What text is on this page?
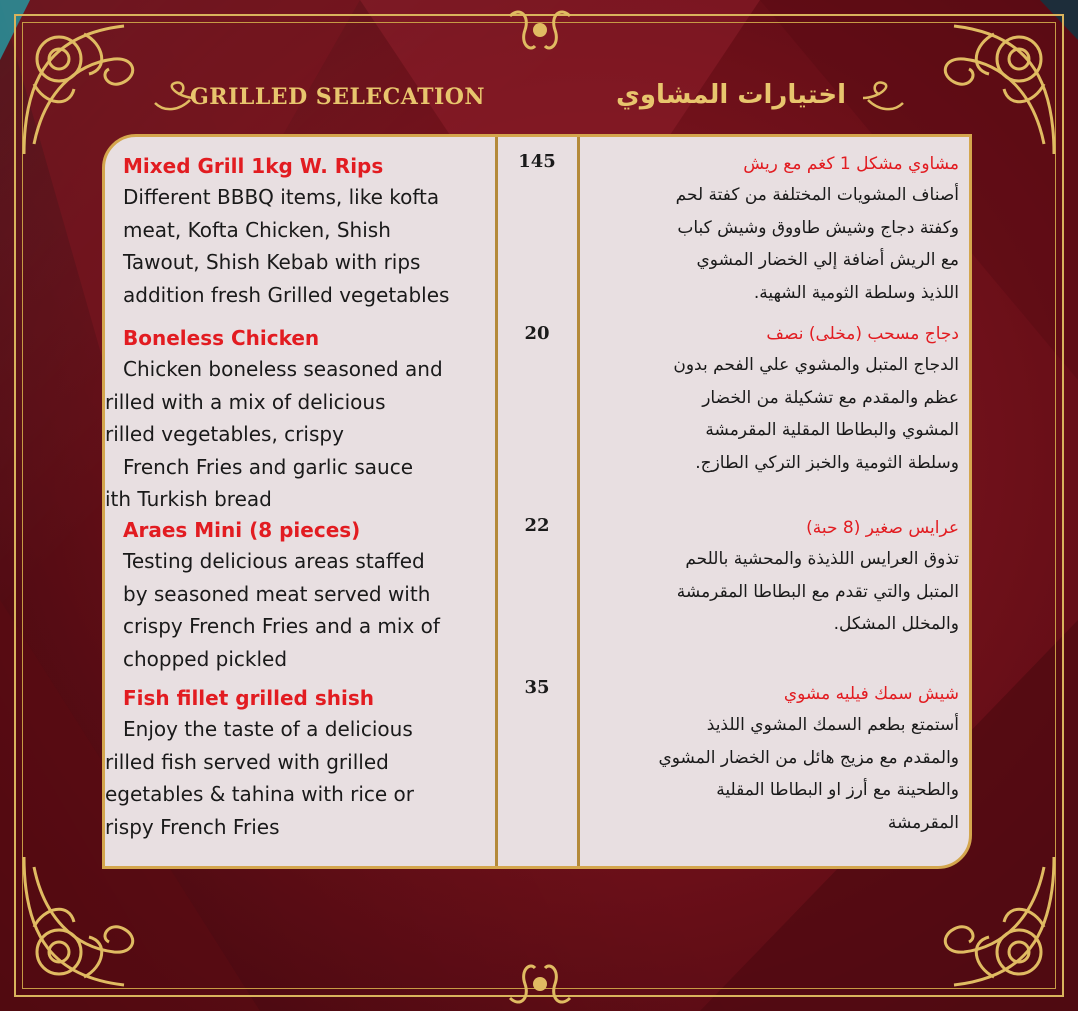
GRILLED SELECATION	اختيارات المشاوي
Mixed Grill 1kg W. Rips
Different BBBQ items, like kofta
meat, Kofta Chicken, Shish
Tawout, Shish Kebab with rips
addition fresh Grilled vegetables
Boneless Chicken
Chicken boneless seasoned and
rilled with a mix of delicious
rilled vegetables, crispy
French Fries and garlic sauce
ith Turkish bread
Araes Mini (8 pieces)
Testing delicious areas staffed
by seasoned meat served with
crispy French Fries and a mix of
chopped pickled
Fish fillet grilled shish
Enjoy the taste of a delicious
rilled fish served with grilled
egetables & tahina with rice or
rispy French Fries
145
20
22
35
مشاوي مشكل 1 كغم مع ريش
أصناف المشويات المختلفة من كفتة لحم
وكفتة دجاج وشيش طاووق وشيش كباب
مع الريش أضافة إلي الخضار المشوي
اللذيذ وسلطة الثومية الشهية.
دجاج مسحب (مخلى) نصف
الدجاج المتبل والمشوي علي الفحم بدون
عظم والمقدم مع تشكيلة من الخضار
المشوي والبطاطا المقلية المقرمشة
وسلطة الثومية والخبز التركي الطازج.
عرايس صغير (8 حبة)
تذوق العرايس اللذيذة والمحشية باللحم
المتبل والتي تقدم مع البطاطا المقرمشة
والمخلل المشكل.
شيش سمك فيليه مشوي
أستمتع بطعم السمك المشوي اللذيذ
والمقدم مع مزيج هائل من الخضار المشوي
والطحينة مع أرز او البطاطا المقلية
المقرمشة
